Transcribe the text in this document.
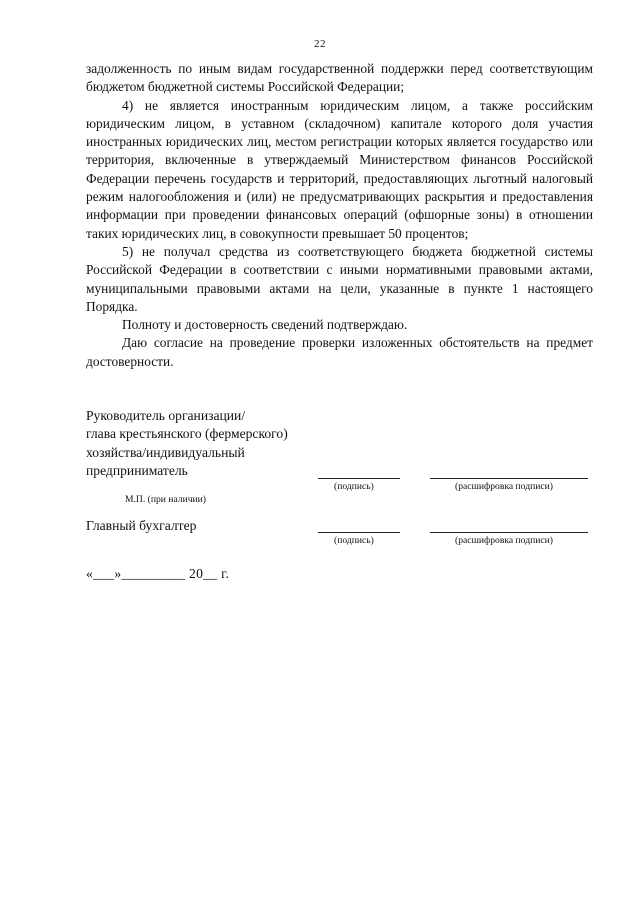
22

задолженность по иным видам государственной поддержки перед соответствующим бюджетом бюджетной системы Российской Федерации;

4) не является иностранным юридическим лицом, а также российским юридическим лицом, в уставном (складочном) капитале которого доля участия иностранных юридических лиц, местом регистрации которых является государство или территория, включенные в утверждаемый Министерством финансов Российской Федерации перечень государств и территорий, предоставляющих льготный налоговый режим налогообложения и (или) не предусматривающих раскрытия и предоставления информации при проведении финансовых операций (офшорные зоны) в отношении таких юридических лиц, в совокупности превышает 50 процентов;

5) не получал средства из соответствующего бюджета бюджетной системы Российской Федерации в соответствии с иными нормативными правовыми актами, муниципальными правовыми актами на цели, указанные в пункте 1 настоящего Порядка.

Полноту и достоверность сведений подтверждаю.

Даю согласие на проведение проверки изложенных обстоятельств на предмет достоверности.

Руководитель организации/
глава крестьянского (фермерского)
хозяйства/индивидуальный
предприниматель
(подпись)	(расшифровка подписи)
М.П. (при наличии)
Главный бухгалтер
(подпись)	(расшифровка подписи)
«___»_________ 20__ г.
